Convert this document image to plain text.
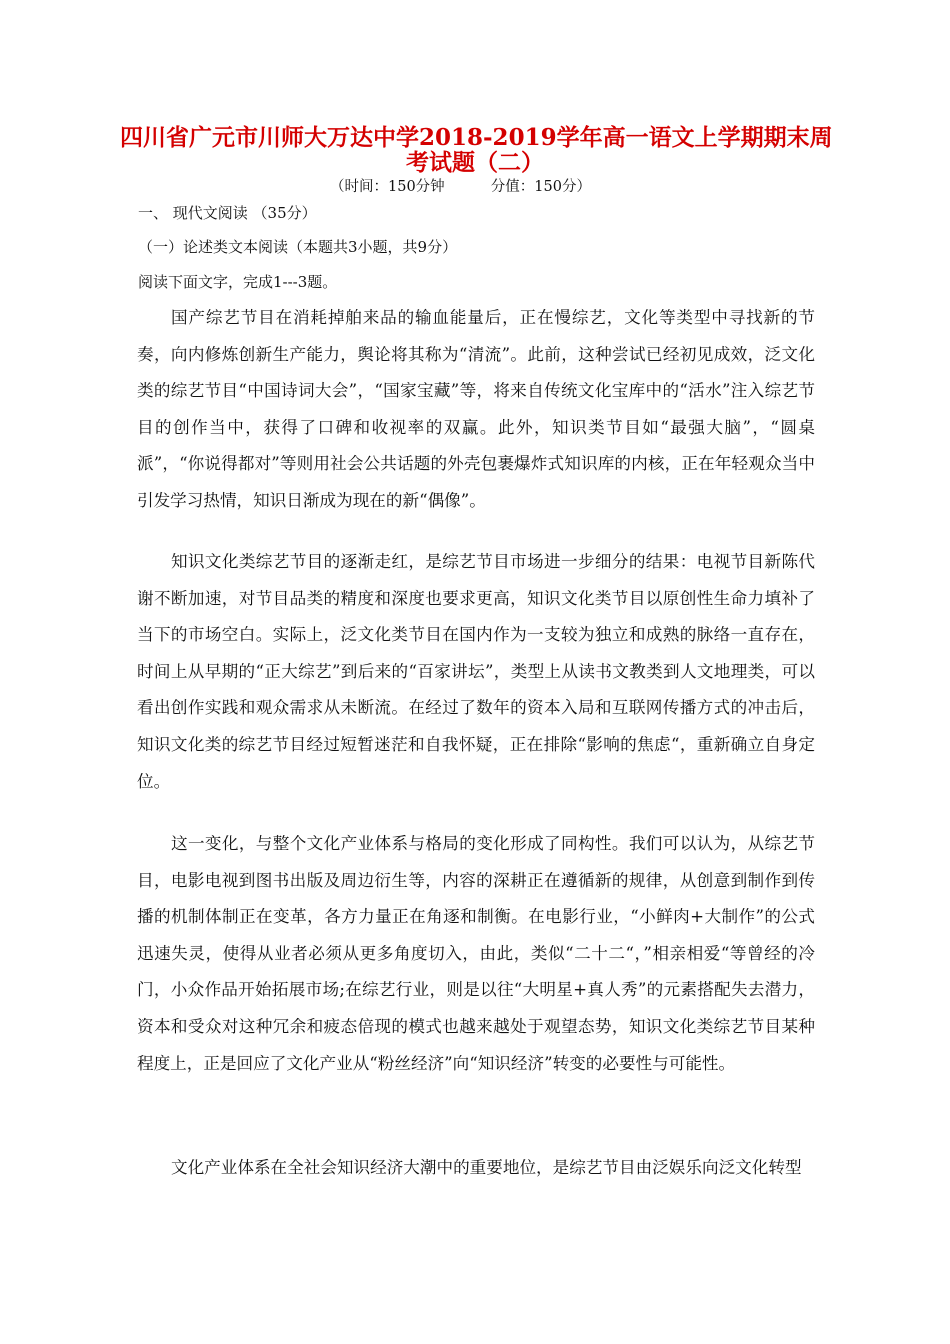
四川省广元市川师大万达中学2018-2019学年高一语文上学期期末周
考试题（二）
（时间：150分钟          分值：150分）
一、 现代文阅读 （35分）
（一）论述类文本阅读（本题共3小题，共9分）
阅读下面文字，完成1---3题。

国产综艺节目在消耗掉舶来品的输血能量后，正在慢综艺，文化等类型中寻找新的节奏，向内修炼创新生产能力，舆论将其称为“清流”。此前，这种尝试已经初见成效，泛文化类的综艺节目“中国诗词大会”，“国家宝藏”等，将来自传统文化宝库中的“活水”注入综艺节目的创作当中，获得了口碑和收视率的双赢。此外，知识类节目如“最强大脑”，“圆桌派”，“你说得都对”等则用社会公共话题的外壳包裹爆炸式知识库的内核，正在年轻观众当中引发学习热情，知识日渐成为现在的新“偶像”。

知识文化类综艺节目的逐渐走红，是综艺节目市场进一步细分的结果：电视节目新陈代谢不断加速，对节目品类的精度和深度也要求更高，知识文化类节目以原创性生命力填补了当下的市场空白。实际上，泛文化类节目在国内作为一支较为独立和成熟的脉络一直存在，时间上从早期的“正大综艺”到后来的“百家讲坛”，类型上从读书文教类到人文地理类，可以看出创作实践和观众需求从未断流。在经过了数年的资本入局和互联网传播方式的冲击后，知识文化类的综艺节目经过短暂迷茫和自我怀疑，正在排除“影响的焦虑“，重新确立自身定位。

这一变化，与整个文化产业体系与格局的变化形成了同构性。我们可以认为，从综艺节目，电影电视到图书出版及周边衍生等，内容的深耕正在遵循新的规律，从创意到制作到传播的机制体制正在变革，各方力量正在角逐和制衡。在电影行业，“小鲜肉+大制作”的公式迅速失灵，使得从业者必须从更多角度切入，由此，类似“二十二“，”相亲相爱“等曾经的冷门，小众作品开始拓展市场;在综艺行业，则是以往“大明星+真人秀”的元素搭配失去潜力，资本和受众对这种冗余和疲态倍现的模式也越来越处于观望态势，知识文化类综艺节目某种程度上，正是回应了文化产业从“粉丝经济”向“知识经济”转变的必要性与可能性。

文化产业体系在全社会知识经济大潮中的重要地位，是综艺节目由泛娱乐向泛文化转型
